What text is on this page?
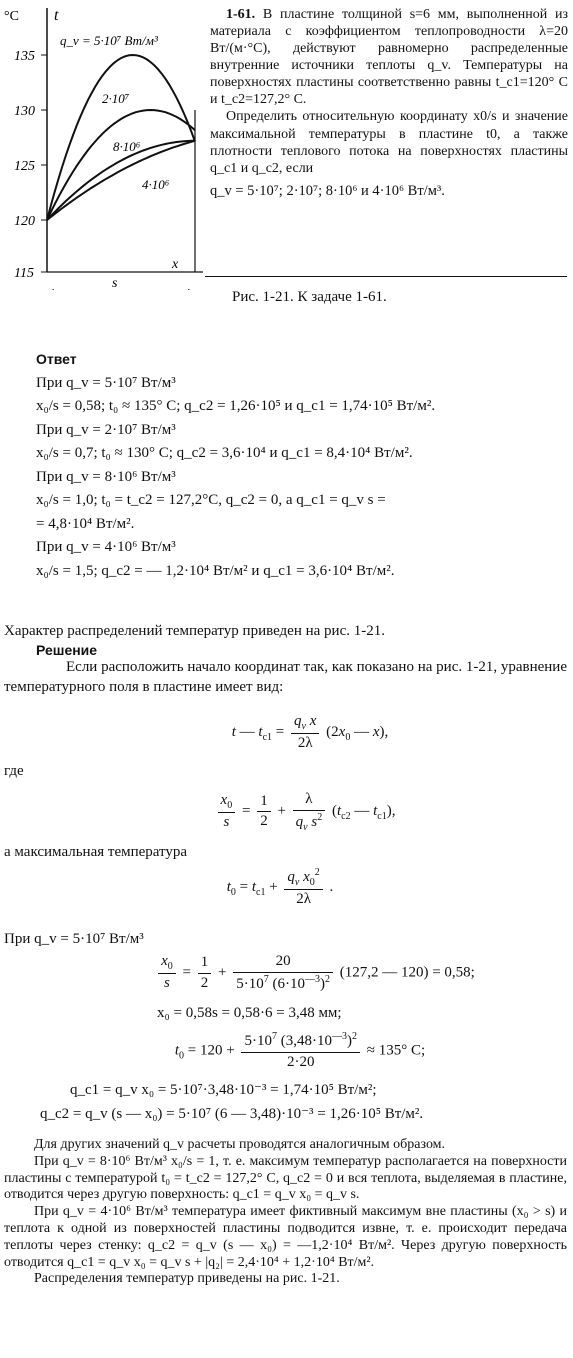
135
130
125
120
115
°C t
x
s
q_v = 5·10⁷ Вт/м³
2·10⁷
8·10⁶
4·10⁶

1-61. В пластине толщиной s=6 мм, выполненной из материала с коэффициентом теплопроводности λ=20 Вт/(м·°С), действуют равномерно распределенные внутренние источники теплоты q_v. Температуры на поверхностях пластины соответственно равны t_c1=120° С и t_c2=127,2° С.

Определить относительную координату x0/s и значение максимальной температуры в пластине t0, а также плотности теплового потока на поверхностях пластины q_c1 и q_c2, если

q_v = 5·10⁷; 2·10⁷; 8·10⁶ и 4·10⁶ Вт/м³.
Рис. 1-21. К задаче 1-61.
Ответ
При q_v = 5·10⁷ Вт/м³
x₀/s = 0,58; t₀ ≈ 135° С; q_c2 = 1,26·10⁵ и q_c1 = 1,74·10⁵ Вт/м².
При q_v = 2·10⁷ Вт/м³
x₀/s = 0,7; t₀ ≈ 130° С; q_c2 = 3,6·10⁴ и q_c1 = 8,4·10⁴ Вт/м².
При q_v = 8·10⁶ Вт/м³
x₀/s = 1,0; t₀ = t_c2 = 127,2°С, q_c2 = 0, а q_c1 = q_v s =
= 4,8·10⁴ Вт/м².
При q_v = 4·10⁶ Вт/м³
x₀/s = 1,5; q_c2 = — 1,2·10⁴ Вт/м² и q_c1 = 3,6·10⁴ Вт/м².
Характер распределений температур приведен на рис. 1-21.
Решение

Если расположить начало координат так, как показано на рис. 1-21, уравнение температурного поля в пластине имеет вид:

t — $t_{c1} = \frac{q_v x}{2\lambda} (2x_0$ — x),
где
$\frac{x_0}{s} = \frac{1}{2} + \frac{\lambda}{q_v s^2} (t_{c2}$ — $t_{c1}$),
а максимальная температура
$t_0 = t_{c1} + \frac{q_v x_0^2}{2\lambda}$ .
При q_v = 5·10⁷ Вт/м³
$\frac{x_0}{s} = \frac{1}{2} + \frac{20}{5\cdot 10^7 (6\cdot 10^{—3})^2} (127,2$ — 120) = 0,58;
x₀ = 0,58s = 0,58·6 = 3,48 мм;
$t_0 = 120 + \frac{5\cdot 10^7 (3,48\cdot 10^{—3})^2}{2\cdot 20} \approx 135^\circ$ С;
q_c1 = q_v x₀ = 5·10⁷·3,48·10⁻³ = 1,74·10⁵ Вт/м²;
q_c2 = q_v (s — x₀) = 5·10⁷ (6 — 3,48)·10⁻³ = 1,26·10⁵ Вт/м².

Для других значений q_v расчеты проводятся аналогичным образом.

При q_v = 8·10⁶ Вт/м³ x₀/s = 1, т. е. максимум температур располагается на поверхности пластины с температурой t₀ = t_c2 = 127,2° С, q_c2 = 0 и вся теплота, выделяемая в пластине, отводится через другую поверхность: q_c1 = q_v x₀ = q_v s.

При q_v = 4·10⁶ Вт/м³ температура имеет фиктивный максимум вне пластины (x₀ > s) и теплота к одной из поверхностей пластины подводится извне, т. е. происходит передача теплоты через стенку: q_c2 = q_v (s — x₀) = —1,2·10⁴ Вт/м². Через другую поверхность отводится q_c1 = q_v x₀ = q_v s + |q₂| = 2,4·10⁴ + 1,2·10⁴ Вт/м².

Распределения температур приведены на рис. 1-21.
